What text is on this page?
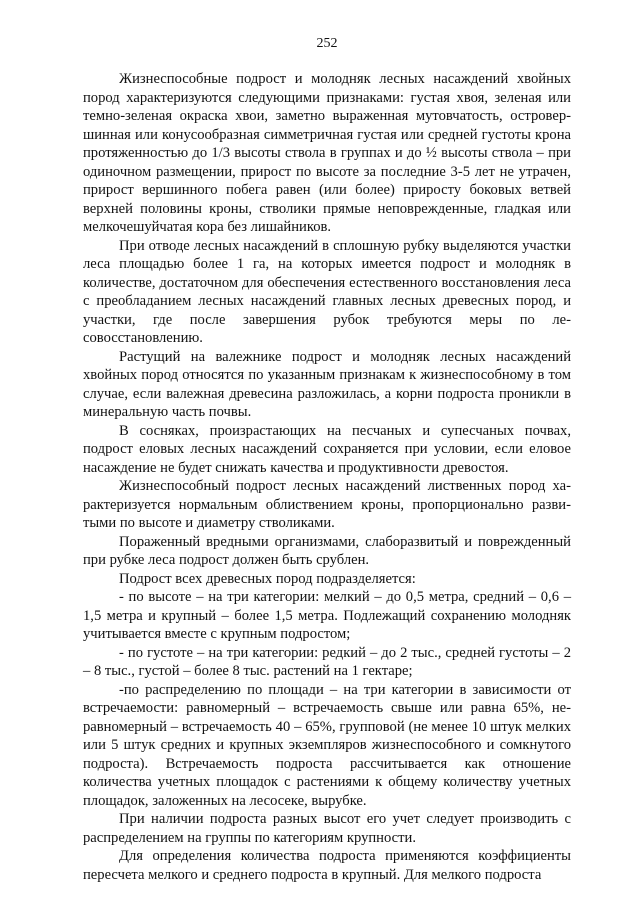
252

Жизнеспособные подрост и молодняк лесных насаждений хвойных пород характеризуются следующими признаками: густая хвоя, зеленая или темно-зеленая окраска хвои, заметно выраженная мутовчатость, островершинная или конусообразная симметричная густая или средней густоты крона протяженностью до 1/3 высоты ствола в группах и до ½ высоты ствола – при одиночном размещении, прирост по высоте за последние 3-5 лет не утрачен, прирост вершинного побега равен (или более) приросту боковых ветвей верхней половины кроны, стволики прямые неповрежденные, гладкая или мелкочешуйчатая кора без лишайников.

При отводе лесных насаждений в сплошную рубку выделяются участки леса площадью более 1 га, на которых имеется подрост и молодняк в количестве, достаточном для обеспечения естественного восстановления леса с преобладанием лесных насаждений главных лесных древесных пород, и участки, где после завершения рубок требуются меры по лесовосстановлению.

Растущий на валежнике подрост и молодняк лесных насаждений хвойных пород относятся по указанным признакам к жизнеспособному в том случае, если валежная древесина разложилась, а корни подроста проникли в минеральную часть почвы.

В сосняках, произрастающих на песчаных и супесчаных почвах, подрост еловых лесных насаждений сохраняется при условии, если еловое насаждение не будет снижать качества и продуктивности древостоя.

Жизнеспособный подрост лесных насаждений лиственных пород характеризуется нормальным облиствением кроны, пропорционально развитыми по высоте и диаметру стволиками.

Пораженный вредными организмами, слаборазвитый и поврежденный при рубке леса подрост должен быть срублен.

Подрост всех древесных пород подразделяется:

- по высоте – на три категории: мелкий – до 0,5 метра, средний – 0,6 – 1,5 метра и крупный – более 1,5 метра. Подлежащий сохранению молодняк учитывается вместе с крупным подростом;

- по густоте – на три категории: редкий – до 2 тыс., средней густоты – 2 – 8 тыс., густой – более 8 тыс. растений на 1 гектаре;

-по распределению по площади – на три категории в зависимости от встречаемости: равномерный – встречаемость свыше или равна 65%, неравномерный – встречаемость 40 – 65%, групповой (не менее 10 штук мелких или 5 штук средних и крупных экземпляров жизнеспособного и сомкнутого подроста). Встречаемость подроста рассчитывается как отношение количества учетных площадок с растениями к общему количеству учетных площадок, заложенных на лесосеке, вырубке.

При наличии подроста разных высот его учет следует производить с распределением на группы по категориям крупности.

Для определения количества подроста применяются коэффициенты пересчета мелкого и среднего подроста в крупный. Для мелкого подроста
